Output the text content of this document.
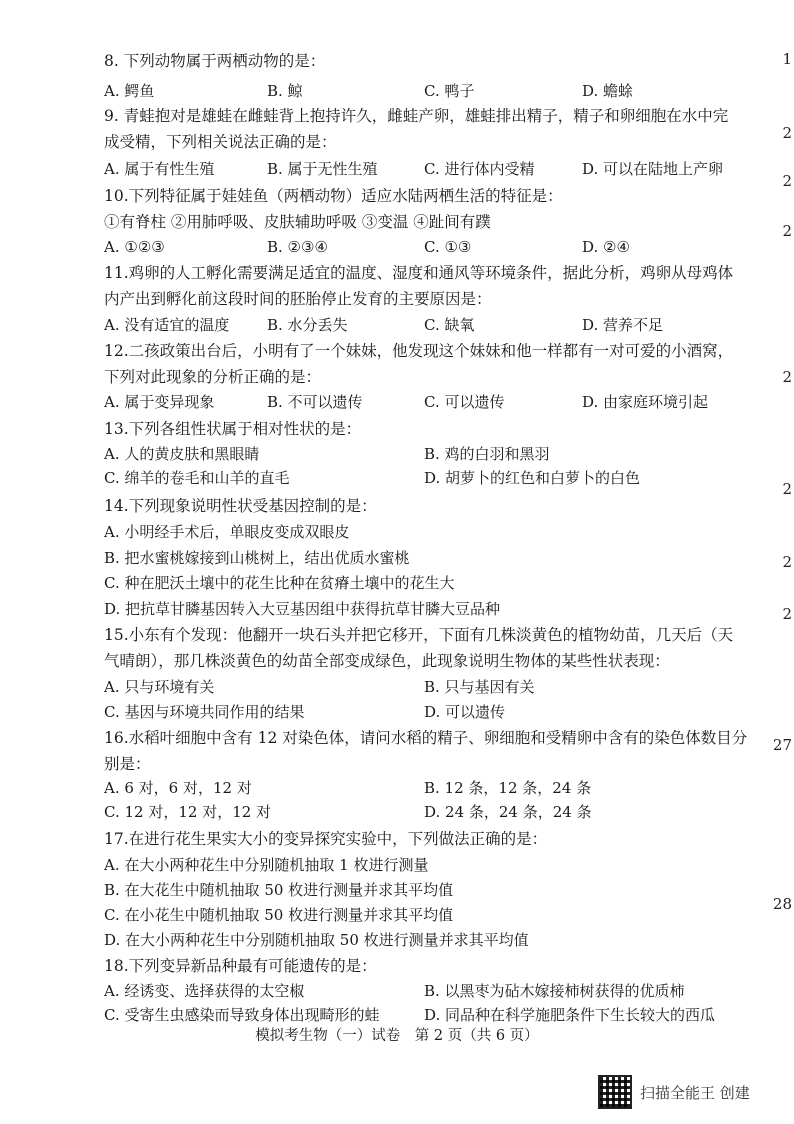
8. 下列动物属于两栖动物的是：
A. 鳄鱼	B. 鲸	C. 鸭子	D. 蟾蜍
9. 青蛙抱对是雄蛙在雌蛙背上抱持许久，雌蛙产卵，雄蛙排出精子，精子和卵细胞在水中完
成受精，下列相关说法正确的是：
A. 属于有性生殖	B. 属于无性生殖	C. 进行体内受精	D. 可以在陆地上产卵
10.下列特征属于娃娃鱼（两栖动物）适应水陆两栖生活的特征是：
①有脊柱 ②用肺呼吸、皮肤辅助呼吸 ③变温 ④趾间有蹼
A. ①②③	B. ②③④	C. ①③	D. ②④
11.鸡卵的人工孵化需要满足适宜的温度、湿度和通风等环境条件，据此分析，鸡卵从母鸡体
内产出到孵化前这段时间的胚胎停止发育的主要原因是：
A. 没有适宜的温度	B. 水分丢失	C. 缺氧	D. 营养不足
12.二孩政策出台后，小明有了一个妹妹，他发现这个妹妹和他一样都有一对可爱的小酒窝，
下列对此现象的分析正确的是：
A. 属于变异现象	B. 不可以遗传	C. 可以遗传	D. 由家庭环境引起
13.下列各组性状属于相对性状的是：
A. 人的黄皮肤和黑眼睛	B. 鸡的白羽和黑羽
C. 绵羊的卷毛和山羊的直毛	D. 胡萝卜的红色和白萝卜的白色
14.下列现象说明性状受基因控制的是：
A. 小明经手术后，单眼皮变成双眼皮
B. 把水蜜桃嫁接到山桃树上，结出优质水蜜桃
C. 种在肥沃土壤中的花生比种在贫瘠土壤中的花生大
D. 把抗草甘膦基因转入大豆基因组中获得抗草甘膦大豆品种
15.小东有个发现：他翻开一块石头并把它移开，下面有几株淡黄色的植物幼苗，几天后（天
气晴朗），那几株淡黄色的幼苗全部变成绿色，此现象说明生物体的某些性状表现：
A. 只与环境有关	B. 只与基因有关
C. 基因与环境共同作用的结果	D. 可以遗传
16.水稻叶细胞中含有 12 对染色体，请问水稻的精子、卵细胞和受精卵中含有的染色体数目分
别是：
A. 6 对，6 对，12 对	B. 12 条，12 条，24 条
C. 12 对，12 对，12 对	D. 24 条，24 条，24 条
17.在进行花生果实大小的变异探究实验中，下列做法正确的是：
A. 在大小两种花生中分别随机抽取 1 枚进行测量
B. 在大花生中随机抽取 50 枚进行测量并求其平均值
C. 在小花生中随机抽取 50 枚进行测量并求其平均值
D. 在大小两种花生中分别随机抽取 50 枚进行测量并求其平均值
18.下列变异新品种最有可能遗传的是：
A. 经诱变、选择获得的太空椒	B. 以黑枣为砧木嫁接柿树获得的优质柿
C. 受寄生虫感染而导致身体出现畸形的蛙	D. 同品种在科学施肥条件下生长较大的西瓜
1
2
2
2
2
2
2
2
27
28
模拟考生物（一）试卷　第 2 页（共 6 页）
扫描全能王 创建
